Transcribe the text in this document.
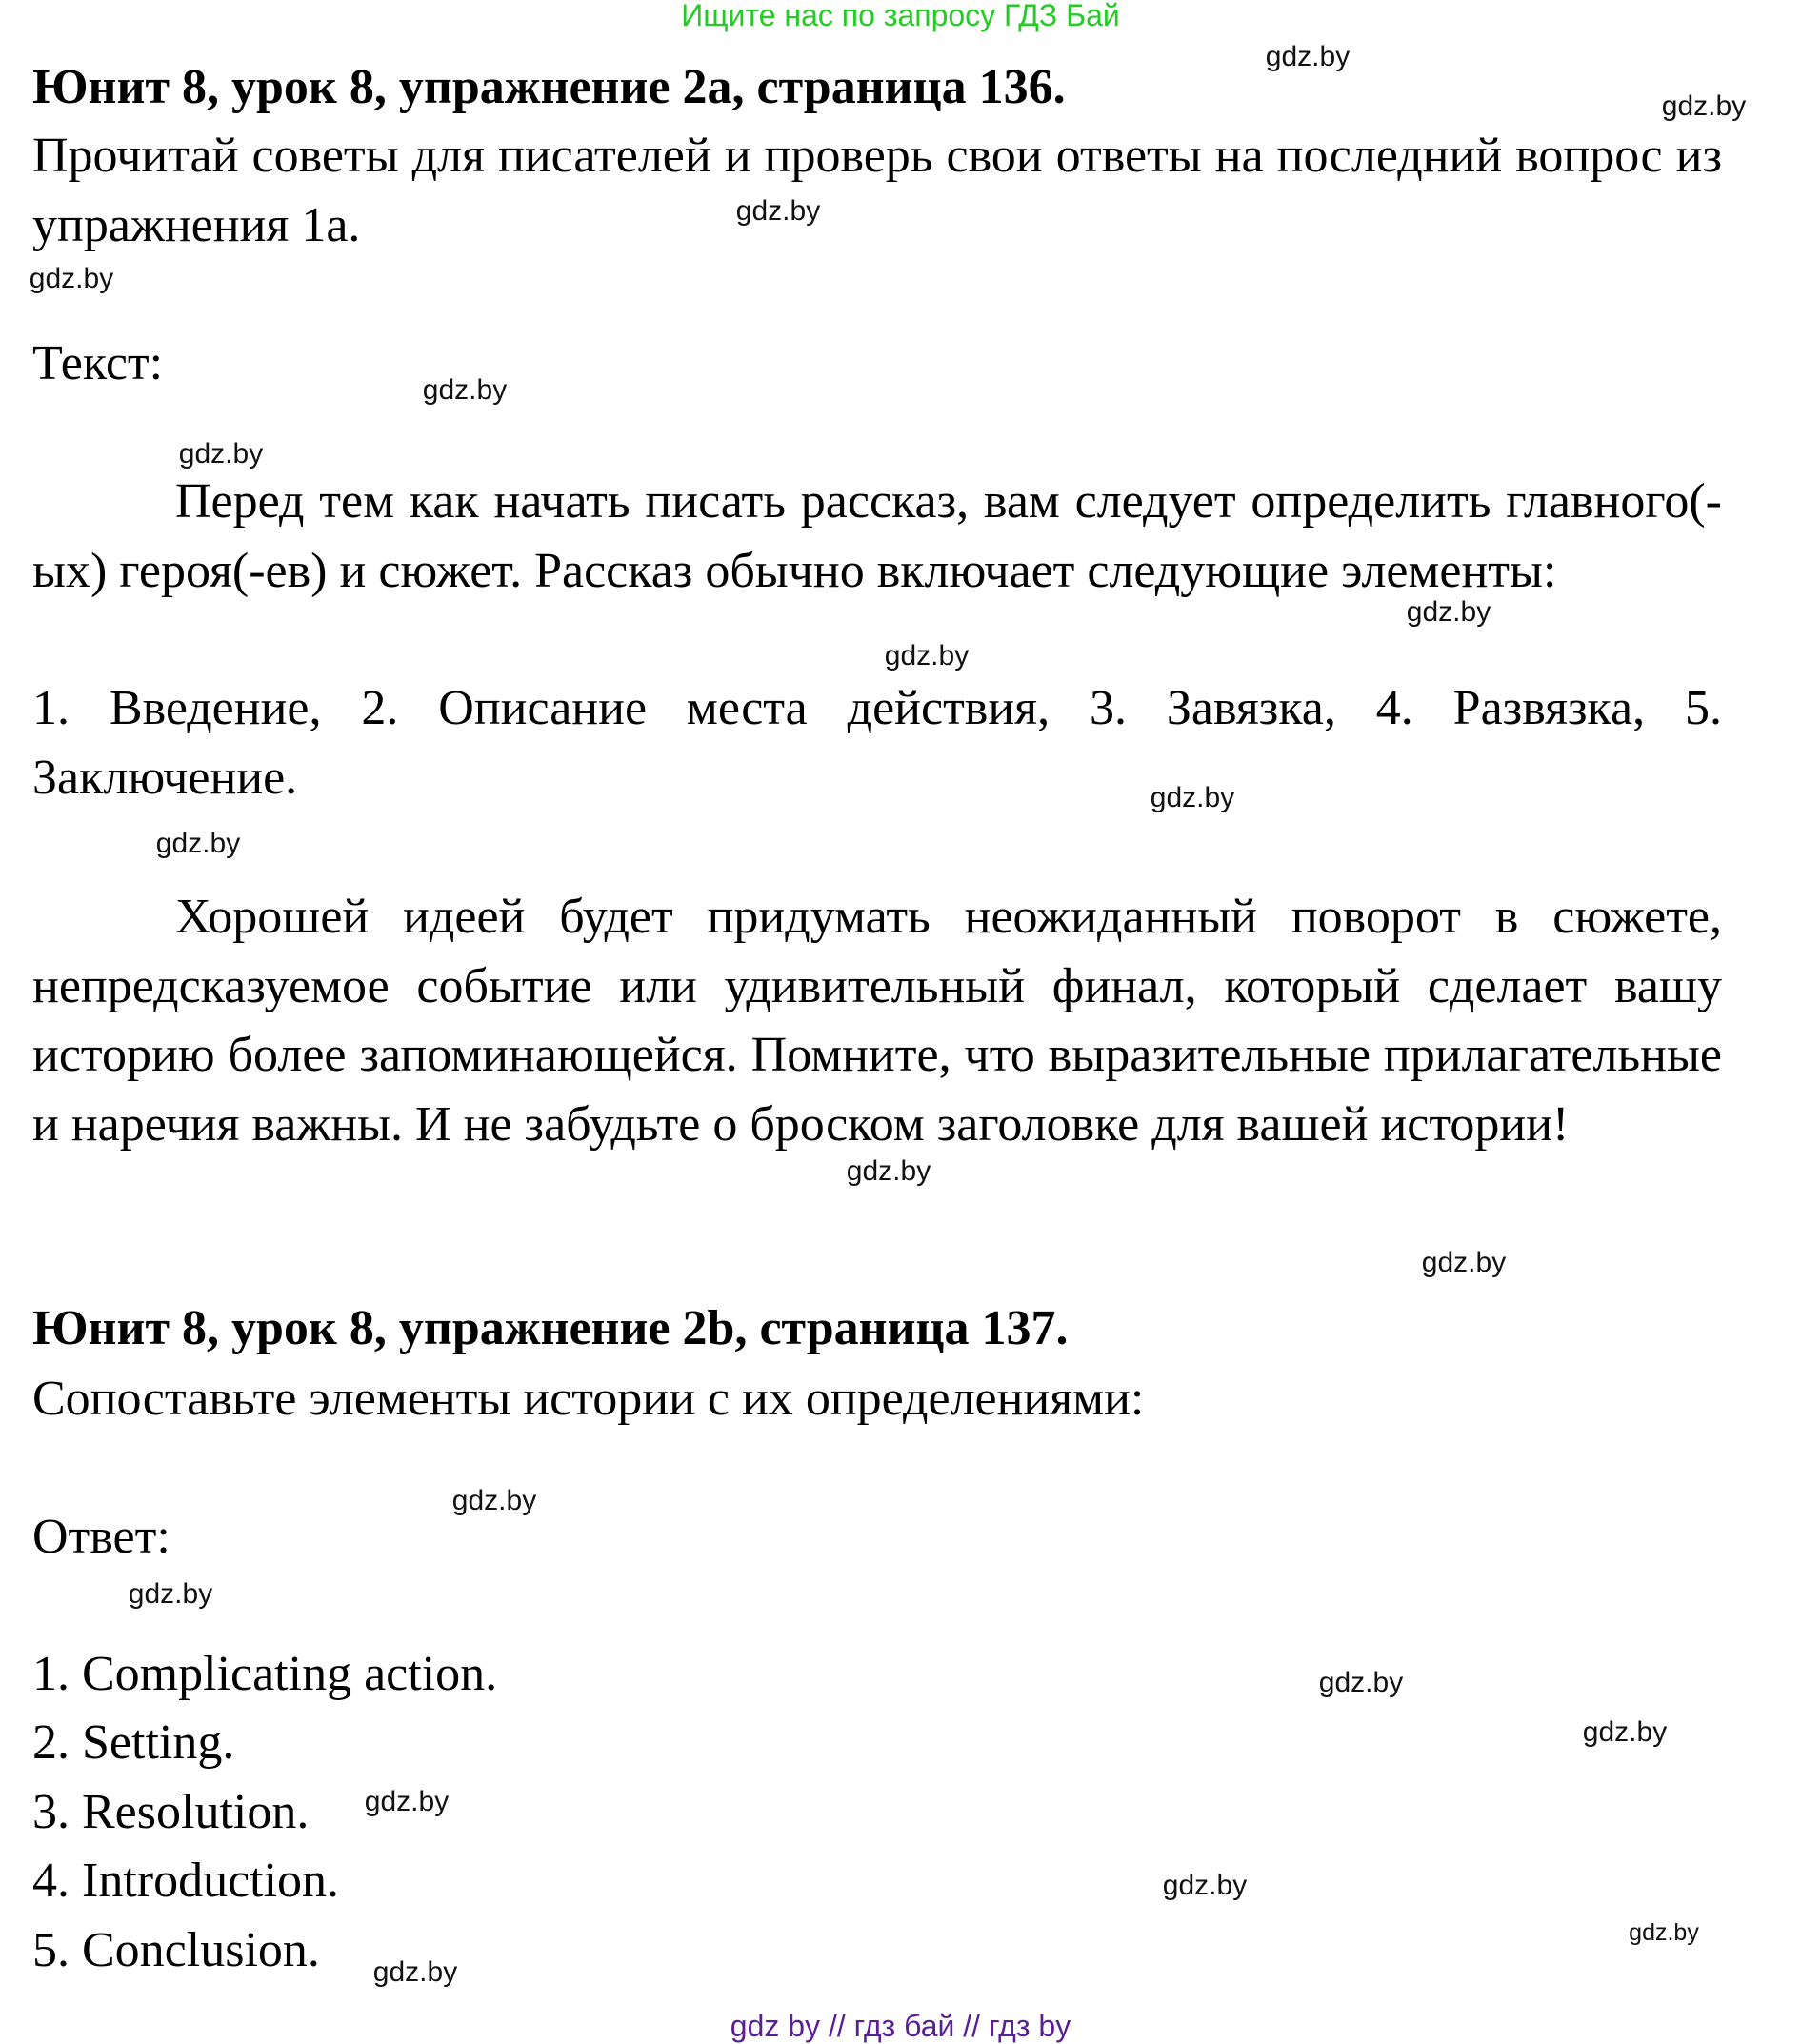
Ищите нас по запросу ГДЗ Бай
Юнит 8, урок 8, упражнение 2a, страница 136.
Прочитай советы для писателей и проверь свои ответы на последний вопрос из упражнения 1a.
Текст:
Перед тем как начать писать рассказ, вам следует определить главного(-ых) героя(-ев) и сюжет. Рассказ обычно включает следующие элементы:
1. Введение, 2. Описание места действия, 3. Завязка, 4. Развязка, 5. Заключение.
Хорошей идеей будет придумать неожиданный поворот в сюжете, непредсказуемое событие или удивительный финал, который сделает вашу историю более запоминающейся. Помните, что выразительные прилагательные и наречия важны. И не забудьте о броском заголовке для вашей истории!
Юнит 8, урок 8, упражнение 2b, страница 137.
Сопоставьте элементы истории с их определениями:
Ответ:
1. Complicating action.
2. Setting.
3. Resolution.
4. Introduction.
5. Conclusion.
gdz.by
gdz.by
gdz.by
gdz.by
gdz.by
gdz.by
gdz.by
gdz.by
gdz.by
gdz.by
gdz.by
gdz.by
gdz.by
gdz.by
gdz.by
gdz.by
gdz.by
gdz.by
gdz.by
gdz.by
gdz by // гдз бай // гдз by
